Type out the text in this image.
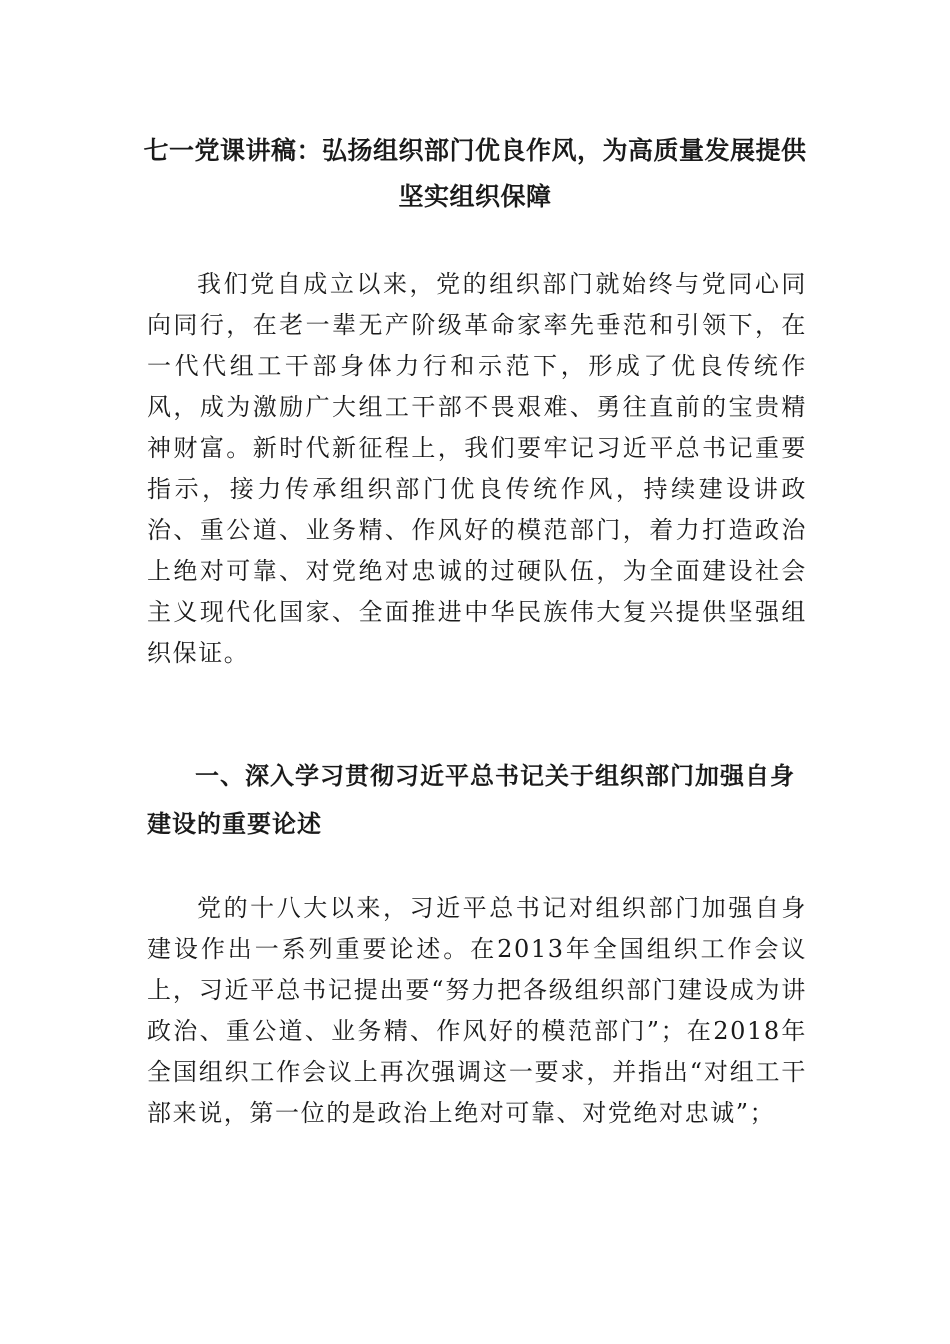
七一党课讲稿：弘扬组织部门优良作风，为高质量发展提供坚实组织保障

我们党自成立以来，党的组织部门就始终与党同心同向同行，在老一辈无产阶级革命家率先垂范和引领下，在一代代组工干部身体力行和示范下，形成了优良传统作风，成为激励广大组工干部不畏艰难、勇往直前的宝贵精神财富。新时代新征程上，我们要牢记习近平总书记重要指示，接力传承组织部门优良传统作风，持续建设讲政治、重公道、业务精、作风好的模范部门，着力打造政治上绝对可靠、对党绝对忠诚的过硬队伍，为全面建设社会主义现代化国家、全面推进中华民族伟大复兴提供坚强组织保证。

一、深入学习贯彻习近平总书记关于组织部门加强自身建设的重要论述

党的十八大以来，习近平总书记对组织部门加强自身建设作出一系列重要论述。在2013年全国组织工作会议上，习近平总书记提出要“努力把各级组织部门建设成为讲政治、重公道、业务精、作风好的模范部门”；在2018年全国组织工作会议上再次强调这一要求，并指出“对组工干部来说，第一位的是政治上绝对可靠、对党绝对忠诚”；
